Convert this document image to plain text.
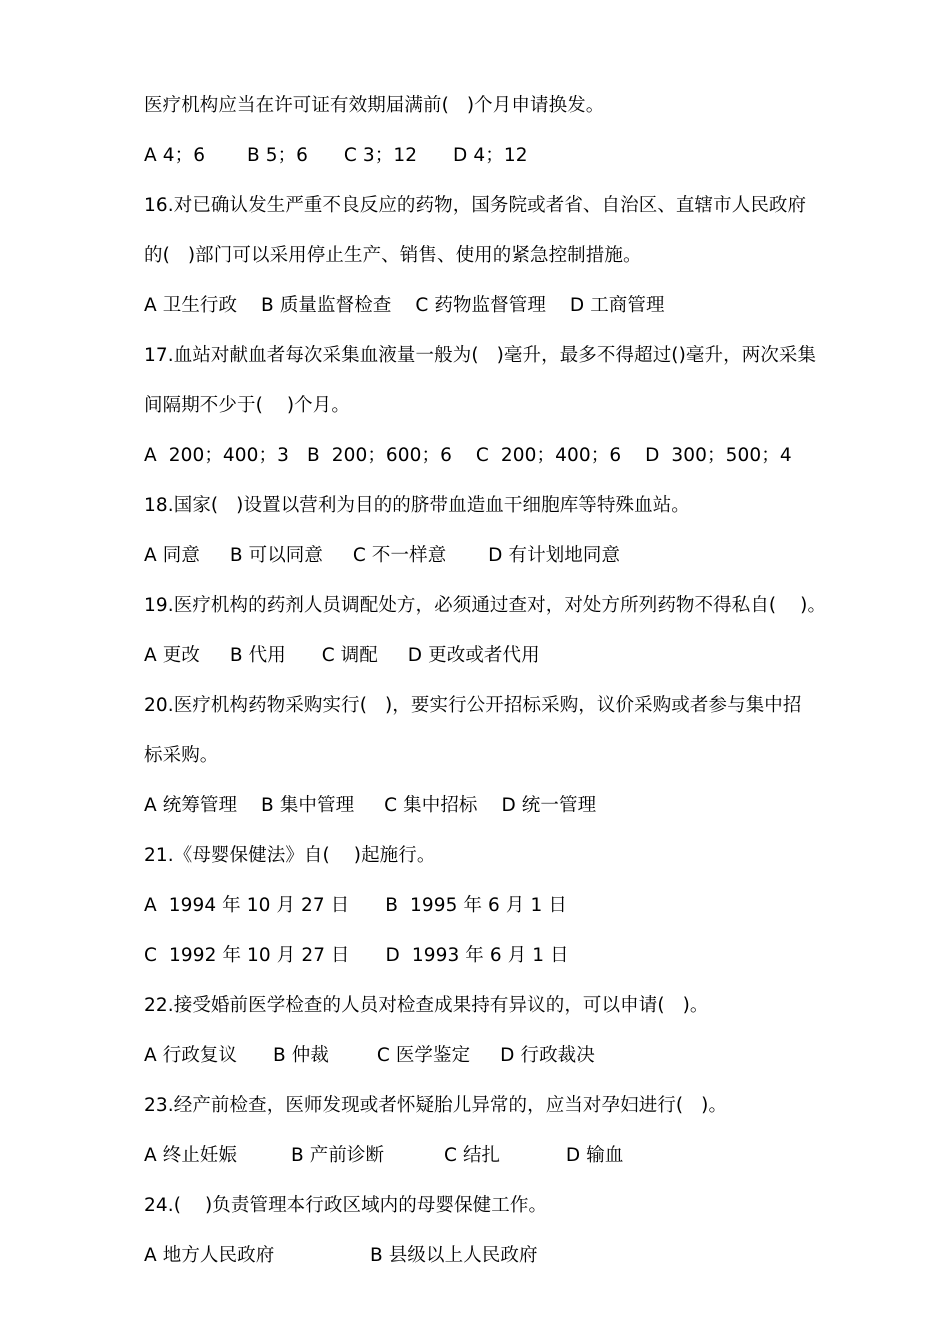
医疗机构应当在许可证有效期届满前(   )个月申请换发。
A 4；6       B 5；6      C 3；12      D 4；12
16.对已确认发生严重不良反应的药物，国务院或者省、自治区、直辖市人民政府
的(   )部门可以采用停止生产、销售、使用的紧急控制措施。
A 卫生行政    B 质量监督检查    C 药物监督管理    D 工商管理
17.血站对献血者每次采集血液量一般为(   )毫升，最多不得超过()毫升，两次采集
间隔期不少于(    )个月。
A  200；400；3   B  200；600；6    C  200；400；6    D  300；500；4
18.国家(   )设置以营利为目的的脐带血造血干细胞库等特殊血站。
A 同意     B 可以同意     C 不一样意       D 有计划地同意
19.医疗机构的药剂人员调配处方，必须通过查对，对处方所列药物不得私自(    )。
A 更改     B 代用      C 调配     D 更改或者代用
20.医疗机构药物采购实行(   )，要实行公开招标采购，议价采购或者参与集中招
标采购。
A 统筹管理    B 集中管理     C 集中招标    D 统一管理
21.《母婴保健法》自(    )起施行。
A  1994 年 10 月 27 日      B  1995 年 6 月 1 日
C  1992 年 10 月 27 日      D  1993 年 6 月 1 日
22.接受婚前医学检查的人员对检查成果持有异议的，可以申请(   )。
A 行政复议      B 仲裁        C 医学鉴定     D 行政裁决
23.经产前检查，医师发现或者怀疑胎儿异常的，应当对孕妇进行(   )。
A 终止妊娠         B 产前诊断          C 结扎           D 输血
24.(    )负责管理本行政区域内的母婴保健工作。
A 地方人民政府                B 县级以上人民政府
